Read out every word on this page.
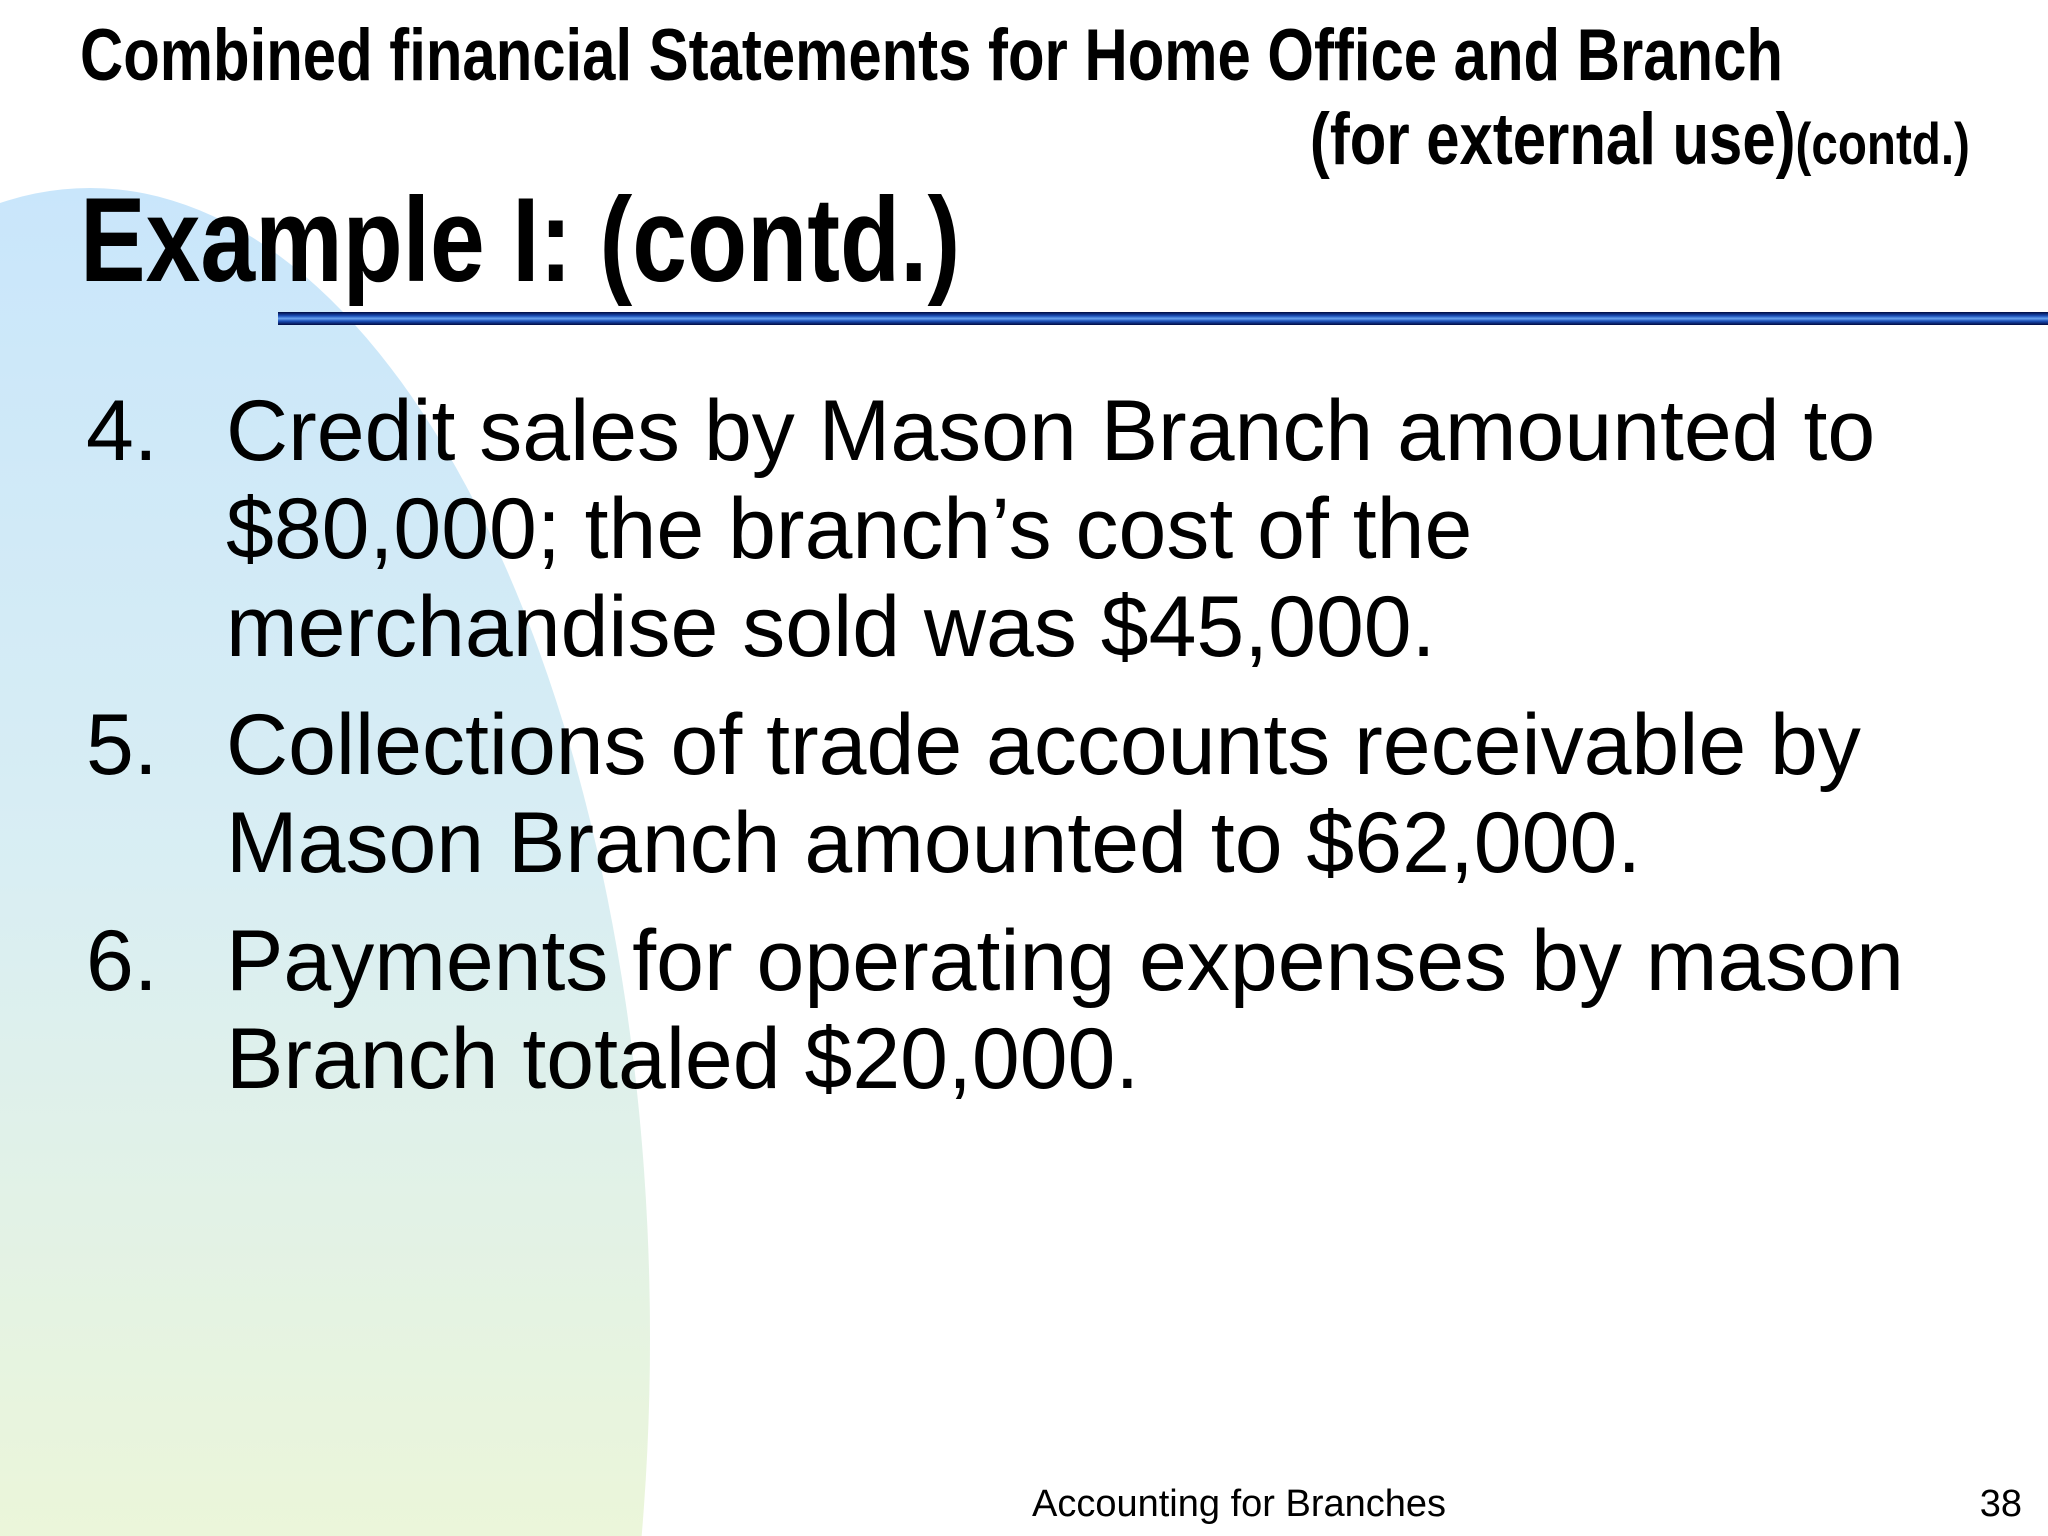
Combined financial Statements for Home Office and Branch
(for external use)(contd.)
Example I: (contd.)
4. Credit sales by Mason Branch amounted to $80,000; the branch’s cost of the merchandise sold was $45,000.
5. Collections of trade accounts receivable by Mason Branch amounted to $62,000.
6. Payments for operating expenses by mason Branch totaled $20,000.
Accounting for Branches	38
